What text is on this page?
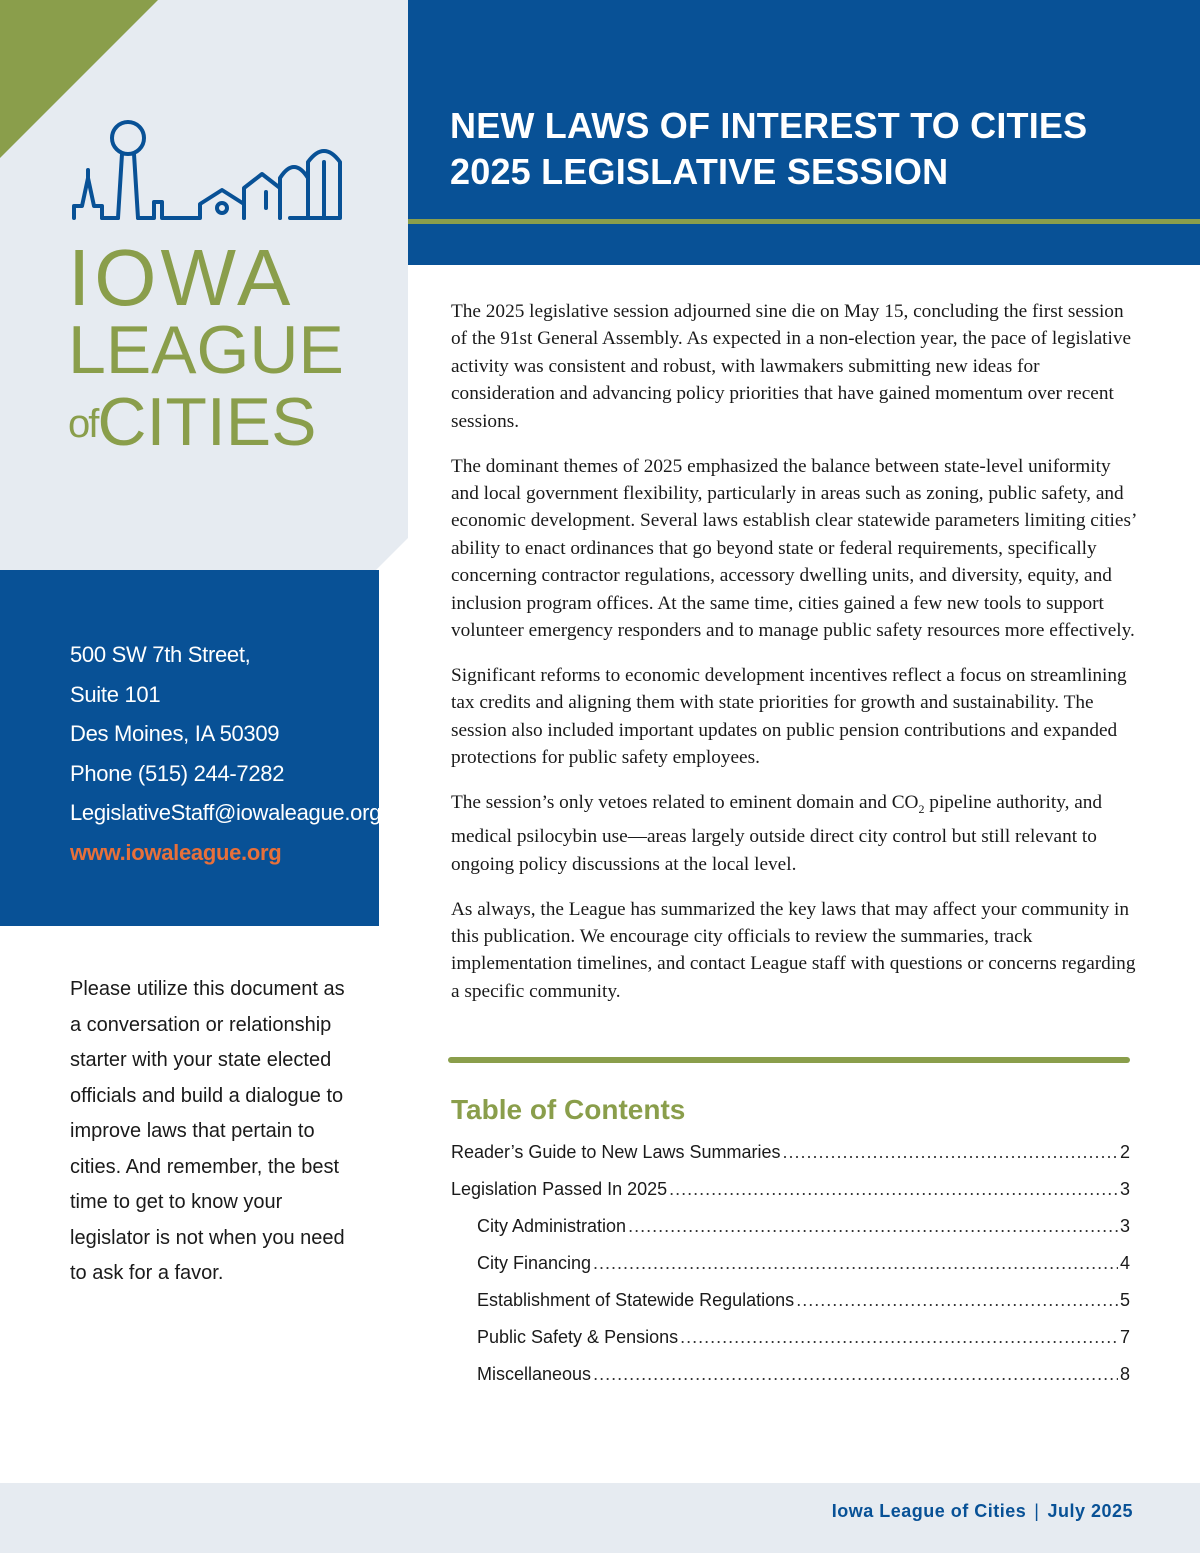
IOWA
LEAGUE
ofCITIES
500 SW 7th Street,
Suite 101
Des Moines, IA 50309
Phone (515) 244-7282
LegislativeStaff@iowaleague.org
www.iowaleague.org
Please utilize this document as a conversation or relationship starter with your state elected officials and build a dialogue to improve laws that pertain to cities. And remember, the best time to get to know your legislator is not when you need to ask for a favor.
NEW LAWS OF INTEREST TO CITIES
2025 LEGISLATIVE SESSION

The 2025 legislative session adjourned sine die on May 15, concluding the first session of the 91st General Assembly. As expected in a non-election year, the pace of legislative activity was consistent and robust, with lawmakers submitting new ideas for consideration and advancing policy priorities that have gained momentum over recent sessions.

The dominant themes of 2025 emphasized the balance between state-level uniformity and local government flexibility, particularly in areas such as zoning, public safety, and economic development. Several laws establish clear statewide parameters limiting cities’ ability to enact ordinances that go beyond state or federal requirements, specifically concerning contractor regulations, accessory dwelling units, and diversity, equity, and inclusion program offices. At the same time, cities gained a few new tools to support volunteer emergency responders and to manage public safety resources more effectively.

Significant reforms to economic development incentives reflect a focus on streamlining tax credits and aligning them with state priorities for growth and sustainability. The session also included important updates on public pension contributions and expanded protections for public safety employees.

The session’s only vetoes related to eminent domain and $CO_2$ pipeline authority, and medical psilocybin use—areas largely outside direct city control but still relevant to ongoing policy discussions at the local level.

As always, the League has summarized the key laws that may affect your community in this publication. We encourage city officials to review the summaries, track implementation timelines, and contact League staff with questions or concerns regarding a specific community.

Table of Contents
Reader’s Guide to New Laws Summaries .....	2
Legislation Passed In 2025 .....	3
City Administration .....	3
City Financing .....	4
Establishment of Statewide Regulations .....	5
Public Safety & Pensions .....	7
Miscellaneous .....	8
Iowa League of Cities | July 2025
